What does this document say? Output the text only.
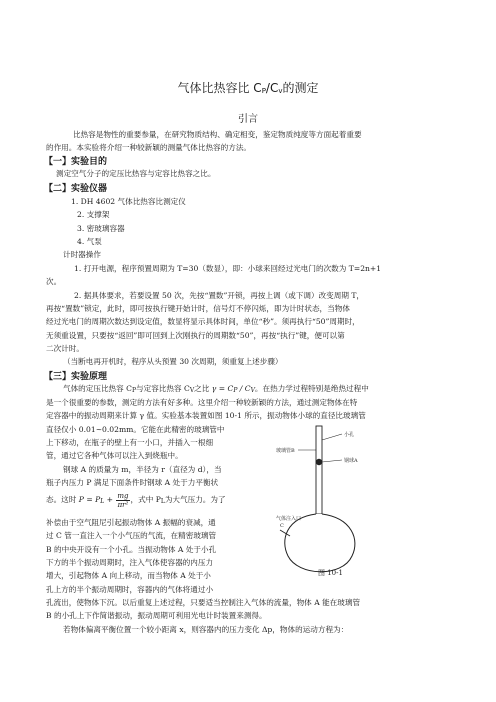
气体比热容比 CP/Cv的测定
引言
比热容是物性的重要参量，在研究物质结构、确定相变，鉴定物质纯度等方面起着重要
的作用。本实验将介绍一种较新颖的测量气体比热容的方法。
【一】实验目的
测定空气分子的定压比热容与定容比热容之比。
【二】实验仪器
1. DH 4602 气体比热容比测定仪
2. 支撑架
3. 密玻璃容器
4. 气泵
计时器操作
1. 打开电源，程序预置周期为 T=30（数显），即：小球来回经过光电门的次数为 T=2n+1
次。
2. 据具体要求，若要设置 50 次，先按“置数”开锁，再按上调（或下调）改变周期 T，
再按“置数”锁定，此时，即可按执行键开始计时，信号灯不停闪烁，即为计时状态，当物体
经过光电门的周期次数达到设定值，数显将显示具体时间，单位“秒”。须再执行“50”周期时，
无须重设置，只要按“返回”即可回到上次刚执行的周期数“50”，再按“执行”键，便可以第
二次计时。
（当断电再开机时，程序从头预置 30 次周期，须重复上述步骤）
【三】实验原理
气体的定压比热容 CP与定容比热容 CV之比 γ = CP / CV。在热力学过程特别是绝热过程中
是一个很重要的参数，测定的方法有好多种。这里介绍一种较新颖的方法，通过测定物体在特
定容器中的振动周期来计算 γ 值。实验基本装置如图 10-1 所示，振动物体小球的直径比玻璃管
直径仅小 0.01~0.02mm。它能在此精密的玻璃管中
上下移动，在瓶子的壁上有一小口，并插入一根细
管，通过它各种气体可以注入到烧瓶中。
钢球 A 的质量为 m，半径为 r（直径为 d），当
瓶子内压力 P 满足下面条件时钢球 A 处于力平衡状
态。这时 P = PL + $\frac{mg}{\text{πr²}}$ ，式中 PL为大气压力。为了
补偿由于空气阻尼引起振动物体 A 振幅的衰减，通
过 C 管一直注入一个小气压的气流，在精密玻璃管
B 的中央开设有一个小孔。当振动物体 A 处于小孔
下方的半个振动周期时，注入气体使容器的内压力
增大，引起物体 A 向上移动，而当物体 A 处于小
孔上方的半个振动周期时，容器内的气体将通过小
孔流出，使物体下沉。以后重复上述过程，只要适当控制注入气体的流量，物体 A 能在玻璃管
B 的小孔上下作简谐振动，振动周期可利用光电计时装置来测得。
若物体偏离平衡位置一个较小距离 x，则容器内的压力变化 Δp，物体的运动方程为：
小孔
钢球A
玻璃管B
气体注入口
C
图 10-1
